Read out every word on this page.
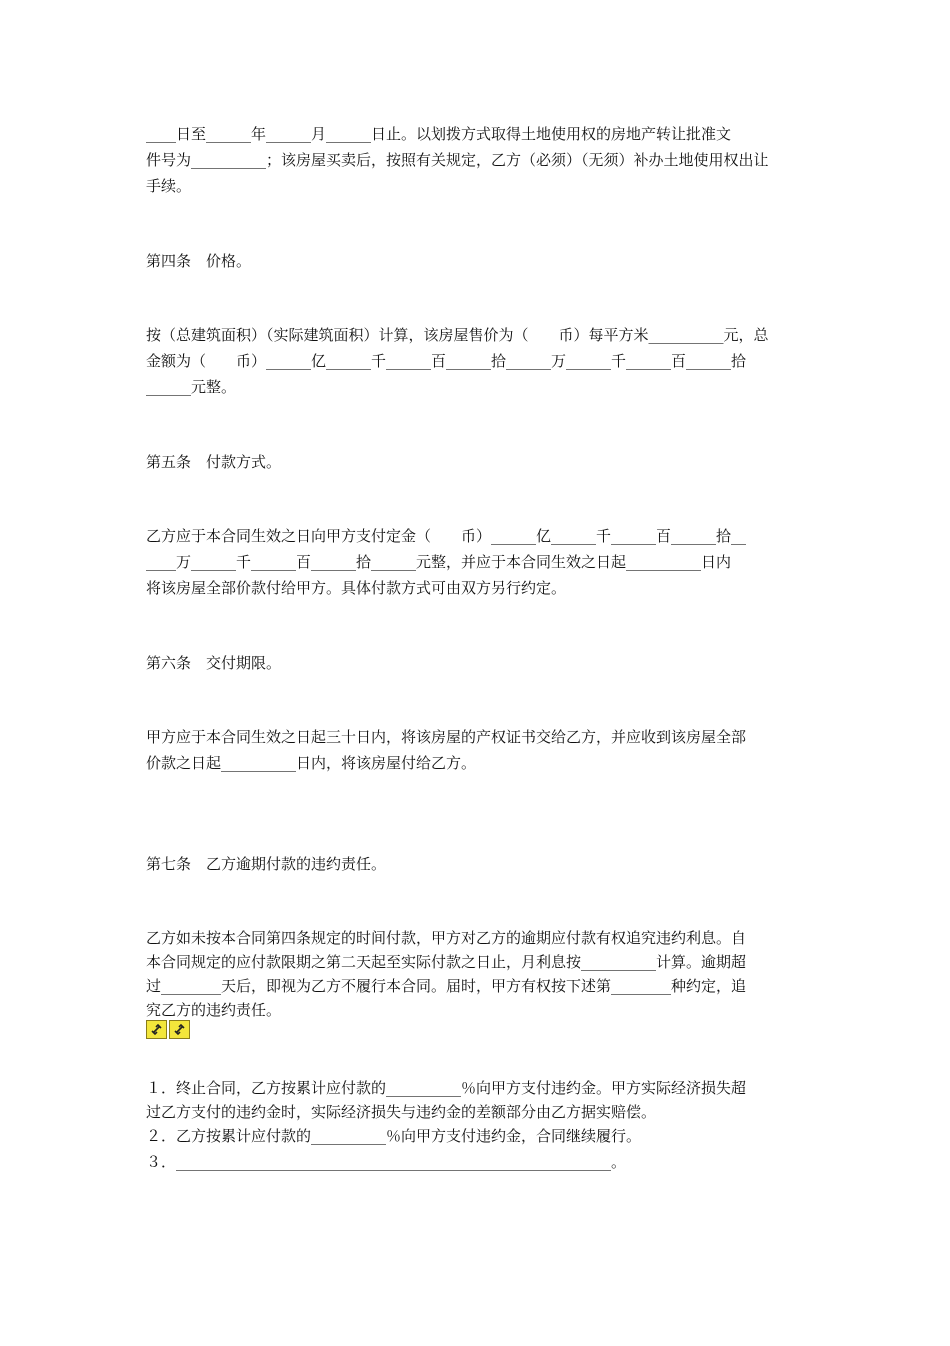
____日至______年______月______日止。以划拨方式取得土地使用权的房地产转让批准文
件号为__________；该房屋买卖后，按照有关规定，乙方（必须）（无须）补办土地使用权出让
手续。
第四条　价格。
按（总建筑面积）（实际建筑面积）计算，该房屋售价为（　　币）每平方米__________元，总
金额为（　　币）______亿______千______百______拾______万______千______百______拾
______元整。
第五条　付款方式。
乙方应于本合同生效之日向甲方支付定金（　　币）______亿______千______百______拾__
____万______千______百______拾______元整，并应于本合同生效之日起__________日内
将该房屋全部价款付给甲方。具体付款方式可由双方另行约定。
第六条　交付期限。
甲方应于本合同生效之日起三十日内，将该房屋的产权证书交给乙方，并应收到该房屋全部
价款之日起__________日内，将该房屋付给乙方。
第七条　乙方逾期付款的违约责任。
乙方如未按本合同第四条规定的时间付款，甲方对乙方的逾期应付款有权追究违约利息。自
本合同规定的应付款限期之第二天起至实际付款之日止，月利息按__________计算。逾期超
过________天后，即视为乙方不履行本合同。届时，甲方有权按下述第________种约定，追
究乙方的违约责任。
１．终止合同，乙方按累计应付款的__________％向甲方支付违约金。甲方实际经济损失超
过乙方支付的违约金时，实际经济损失与违约金的差额部分由乙方据实赔偿。
２．乙方按累计应付款的__________％向甲方支付违约金，合同继续履行。
３．__________________________________________________________。
